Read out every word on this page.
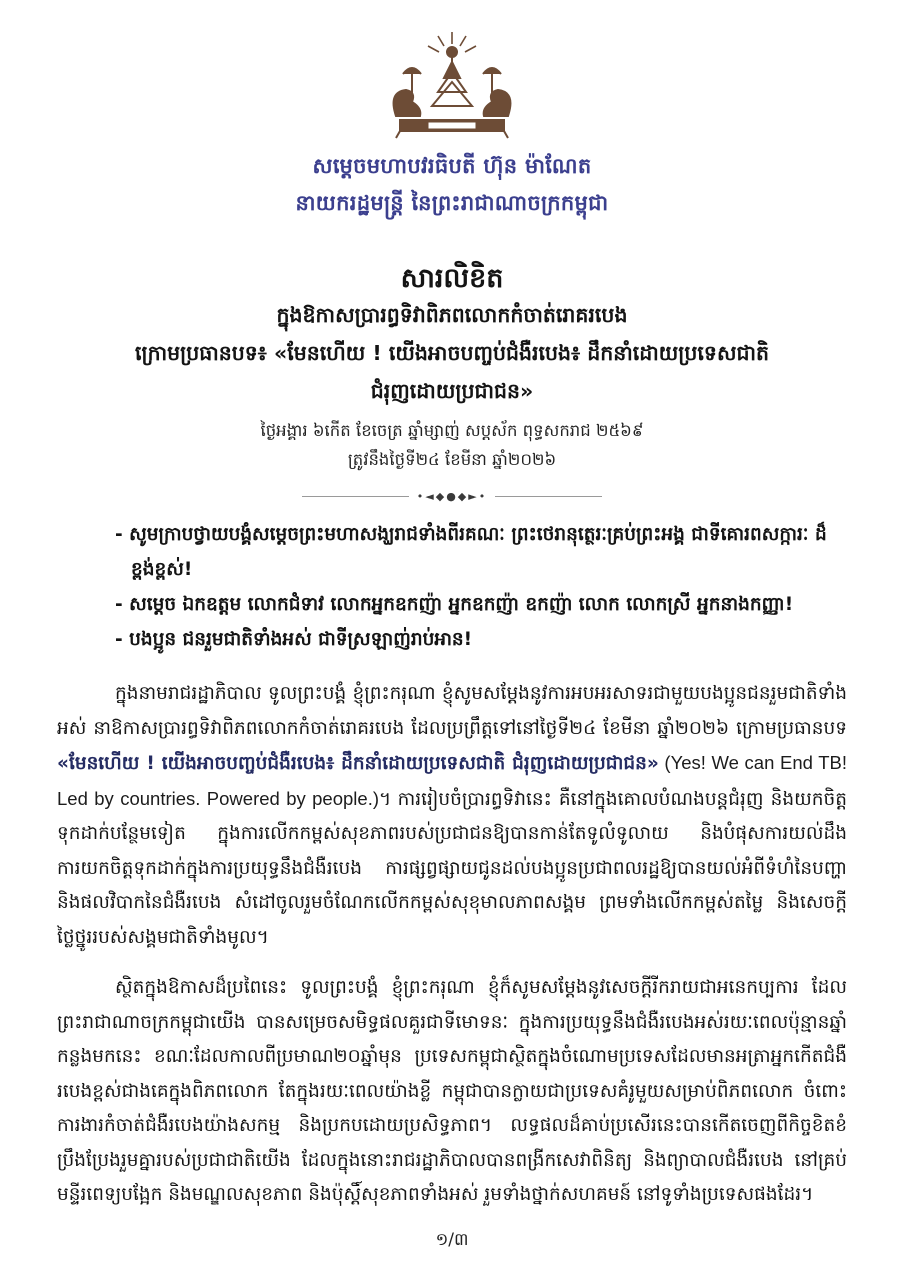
សម្តេចមហាបវរធិបតី ហ៊ុន ម៉ាណែត
នាយករដ្ឋមន្ត្រី នៃព្រះរាជាណាចក្រកម្ពុជា
សារលិខិត
ក្នុងឱកាសប្រារព្ធទិវាពិភពលោកកំចាត់រោគរបេង
ក្រោមប្រធានបទ៖ «មែនហើយ ! យើងអាចបញ្ចប់ជំងឺរបេង៖ ដឹកនាំដោយប្រទេសជាតិ
ជំរុញដោយប្រជាជន»
ថ្ងៃអង្គារ ៦កើត ខែចេត្រ ឆ្នាំម្សាញ់ សប្តស័ក ពុទ្ធសករាជ ២៥៦៩
ត្រូវនឹងថ្ងៃទី២៤ ខែមីនា ឆ្នាំ២០២៦
•◄◆●◆►•
- សូមក្រាបថ្វាយបង្គំសម្តេចព្រះមហាសង្ឃរាជទាំងពីរគណៈ ព្រះថេរានុត្ថេរៈគ្រប់ព្រះអង្គ ជាទីគោរពសក្ការៈ ដ៏ខ្ពង់ខ្ពស់!
- សម្តេច ឯកឧត្តម លោកជំទាវ លោកអ្នកឧកញ៉ា អ្នកឧកញ៉ា ឧកញ៉ា លោក លោកស្រី អ្នកនាងកញ្ញា!
- បងប្អូន ជនរួមជាតិទាំងអស់ ជាទីស្រឡាញ់រាប់អាន!

ក្នុងនាមរាជរដ្ឋាភិបាល ទូលព្រះបង្គំ ខ្ញុំព្រះករុណា ខ្ញុំសូមសម្តែងនូវការអបអរសាទរជាមួយបងប្អូនជនរួមជាតិទាំងអស់ នាឱកាសប្រារព្ធទិវាពិភពលោកកំចាត់រោគរបេង ដែលប្រព្រឹត្តទៅនៅថ្ងៃទី២៤ ខែមីនា ឆ្នាំ២០២៦ ក្រោមប្រធានបទ «មែនហើយ ! យើងអាចបញ្ចប់ជំងឺរបេង៖ ដឹកនាំដោយប្រទេសជាតិ ជំរុញដោយប្រជាជន» (Yes! We can End TB! Led by countries. Powered by people.)។ ការរៀបចំប្រារព្ធទិវានេះ គឺនៅក្នុងគោលបំណងបន្តជំរុញ និងយកចិត្តទុកដាក់បន្ថែមទៀត ក្នុងការលើកកម្ពស់សុខភាពរបស់ប្រជាជនឱ្យបានកាន់តែទូលំទូលាយ និងបំផុសការយល់ដឹង ការយកចិត្តទុកដាក់ក្នុងការប្រយុទ្ធនឹងជំងឺរបេង ការផ្សព្វផ្សាយជូនដល់បងប្អូនប្រជាពលរដ្ឋឱ្យបានយល់អំពីទំហំនៃបញ្ហា និងផលវិបាកនៃជំងឺរបេង សំដៅចូលរួមចំណែកលើកកម្ពស់សុខុមាលភាពសង្គម ព្រមទាំងលើកកម្ពស់តម្លៃ និងសេចក្តីថ្លៃថ្នូររបស់សង្គមជាតិទាំងមូល។

ស្ថិតក្នុងឱកាសដ៏ប្រពៃនេះ ទូលព្រះបង្គំ ខ្ញុំព្រះករុណា ខ្ញុំក៏សូមសម្តែងនូវសេចក្តីរីករាយជាអនេកប្បការ ដែលព្រះរាជាណាចក្រកម្ពុជាយើង បានសម្រេចសមិទ្ធផលគួរជាទីមោទនៈ ក្នុងការប្រយុទ្ធនឹងជំងឺរបេងអស់រយៈពេលប៉ុន្មានឆ្នាំកន្លងមកនេះ ខណៈដែលកាលពីប្រមាណ២០ឆ្នាំមុន ប្រទេសកម្ពុជាស្ថិតក្នុងចំណោមប្រទេសដែលមានអត្រាអ្នកកើតជំងឺរបេងខ្ពស់ជាងគេក្នុងពិភពលោក តែក្នុងរយៈពេលយ៉ាងខ្លី កម្ពុជាបានក្លាយជាប្រទេសគំរូមួយសម្រាប់ពិភពលោក ចំពោះការងារកំចាត់ជំងឺរបេងយ៉ាងសកម្ម និងប្រកបដោយប្រសិទ្ធភាព។ លទ្ធផលដ៏គាប់ប្រសើរនេះបានកើតចេញពីកិច្ចខិតខំប្រឹងប្រែងរួមគ្នារបស់ប្រជាជាតិយើង ដែលក្នុងនោះរាជរដ្ឋាភិបាលបានពង្រីកសេវាពិនិត្យ និងព្យាបាលជំងឺរបេង នៅគ្រប់មន្ទីរពេទ្យបង្អែក និងមណ្ឌលសុខភាព និងប៉ុស្តិ៍សុខភាពទាំងអស់ រួមទាំងថ្នាក់សហគមន៍ នៅទូទាំងប្រទេសផងដែរ។

១/៣
